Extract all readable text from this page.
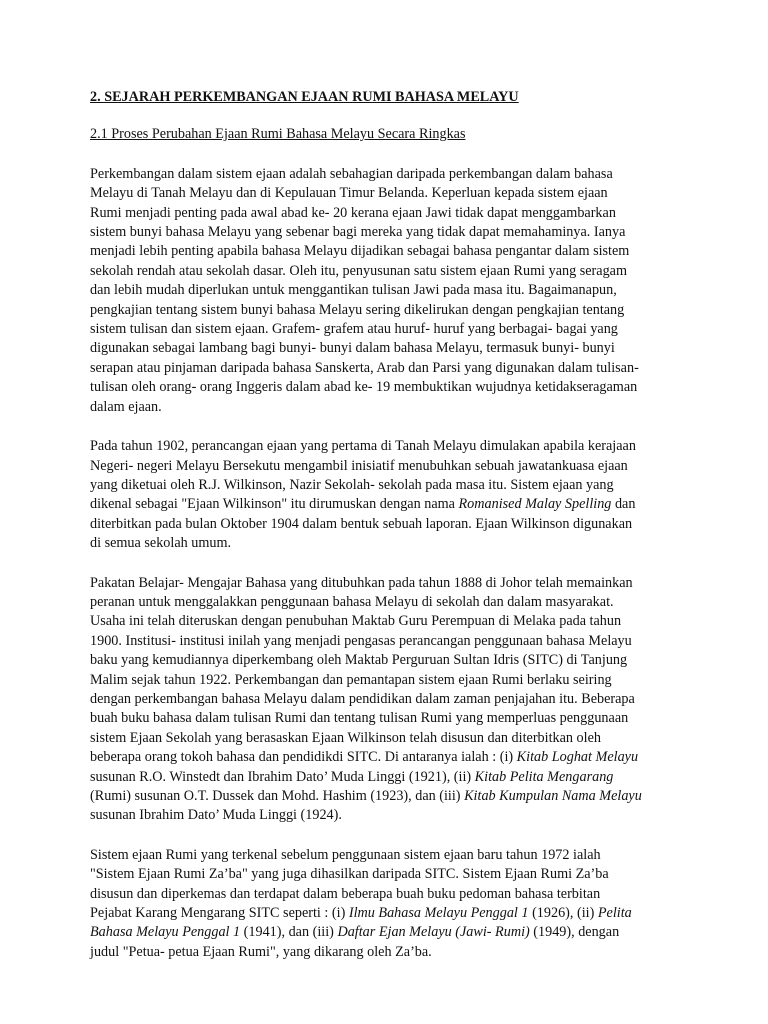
2. SEJARAH PERKEMBANGAN EJAAN RUMI BAHASA MELAYU
2.1 Proses Perubahan Ejaan Rumi Bahasa Melayu Secara Ringkas
Perkembangan dalam sistem ejaan adalah sebahagian daripada perkembangan dalam bahasa
Melayu di Tanah Melayu dan di Kepulauan Timur Belanda. Keperluan kepada sistem ejaan
Rumi menjadi penting pada awal abad ke- 20 kerana ejaan Jawi tidak dapat menggambarkan
sistem bunyi bahasa Melayu yang sebenar bagi mereka yang tidak dapat memahaminya. Ianya
menjadi lebih penting apabila bahasa Melayu dijadikan sebagai bahasa pengantar dalam sistem
sekolah rendah atau sekolah dasar. Oleh itu, penyusunan satu sistem ejaan Rumi yang seragam
dan lebih mudah diperlukan untuk menggantikan tulisan Jawi pada masa itu. Bagaimanapun,
pengkajian tentang sistem bunyi bahasa Melayu sering dikelirukan dengan pengkajian tentang
sistem tulisan dan sistem ejaan. Grafem- grafem atau huruf- huruf yang berbagai- bagai yang
digunakan sebagai lambang bagi bunyi- bunyi dalam bahasa Melayu, termasuk bunyi- bunyi
serapan atau pinjaman daripada bahasa Sanskerta, Arab dan Parsi yang digunakan dalam tulisan-
tulisan oleh orang- orang Inggeris dalam abad ke- 19 membuktikan wujudnya ketidakseragaman
dalam ejaan.
Pada tahun 1902, perancangan ejaan yang pertama di Tanah Melayu dimulakan apabila kerajaan
Negeri- negeri Melayu Bersekutu mengambil inisiatif menubuhkan sebuah jawatankuasa ejaan
yang diketuai oleh R.J. Wilkinson, Nazir Sekolah- sekolah pada masa itu. Sistem ejaan yang
dikenal sebagai "Ejaan Wilkinson" itu dirumuskan dengan nama Romanised Malay Spelling dan
diterbitkan pada bulan Oktober 1904 dalam bentuk sebuah laporan. Ejaan Wilkinson digunakan
di semua sekolah umum.
Pakatan Belajar- Mengajar Bahasa yang ditubuhkan pada tahun 1888 di Johor telah memainkan
peranan untuk menggalakkan penggunaan bahasa Melayu di sekolah dan dalam masyarakat.
Usaha ini telah diteruskan dengan penubuhan Maktab Guru Perempuan di Melaka pada tahun
1900. Institusi- institusi inilah yang menjadi pengasas perancangan penggunaan bahasa Melayu
baku yang kemudiannya diperkembang oleh Maktab Perguruan Sultan Idris (SITC) di Tanjung
Malim sejak tahun 1922. Perkembangan dan pemantapan sistem ejaan Rumi berlaku seiring
dengan perkembangan bahasa Melayu dalam pendidikan dalam zaman penjajahan itu. Beberapa
buah buku bahasa dalam tulisan Rumi dan tentang tulisan Rumi yang memperluas penggunaan
sistem Ejaan Sekolah yang berasaskan Ejaan Wilkinson telah disusun dan diterbitkan oleh
beberapa orang tokoh bahasa dan pendidikdi SITC. Di antaranya ialah : (i) Kitab Loghat Melayu
susunan R.O. Winstedt dan Ibrahim Dato’ Muda Linggi (1921), (ii) Kitab Pelita Mengarang
(Rumi) susunan O.T. Dussek dan Mohd. Hashim (1923), dan (iii) Kitab Kumpulan Nama Melayu
susunan Ibrahim Dato’ Muda Linggi (1924).
Sistem ejaan Rumi yang terkenal sebelum penggunaan sistem ejaan baru tahun 1972 ialah
"Sistem Ejaan Rumi Za’ba" yang juga dihasilkan daripada SITC. Sistem Ejaan Rumi Za’ba
disusun dan diperkemas dan terdapat dalam beberapa buah buku pedoman bahasa terbitan
Pejabat Karang Mengarang SITC seperti : (i) Ilmu Bahasa Melayu Penggal 1 (1926), (ii) Pelita
Bahasa Melayu Penggal 1 (1941), dan (iii) Daftar Ejan Melayu (Jawi- Rumi) (1949), dengan
judul "Petua- petua Ejaan Rumi", yang dikarang oleh Za’ba.
